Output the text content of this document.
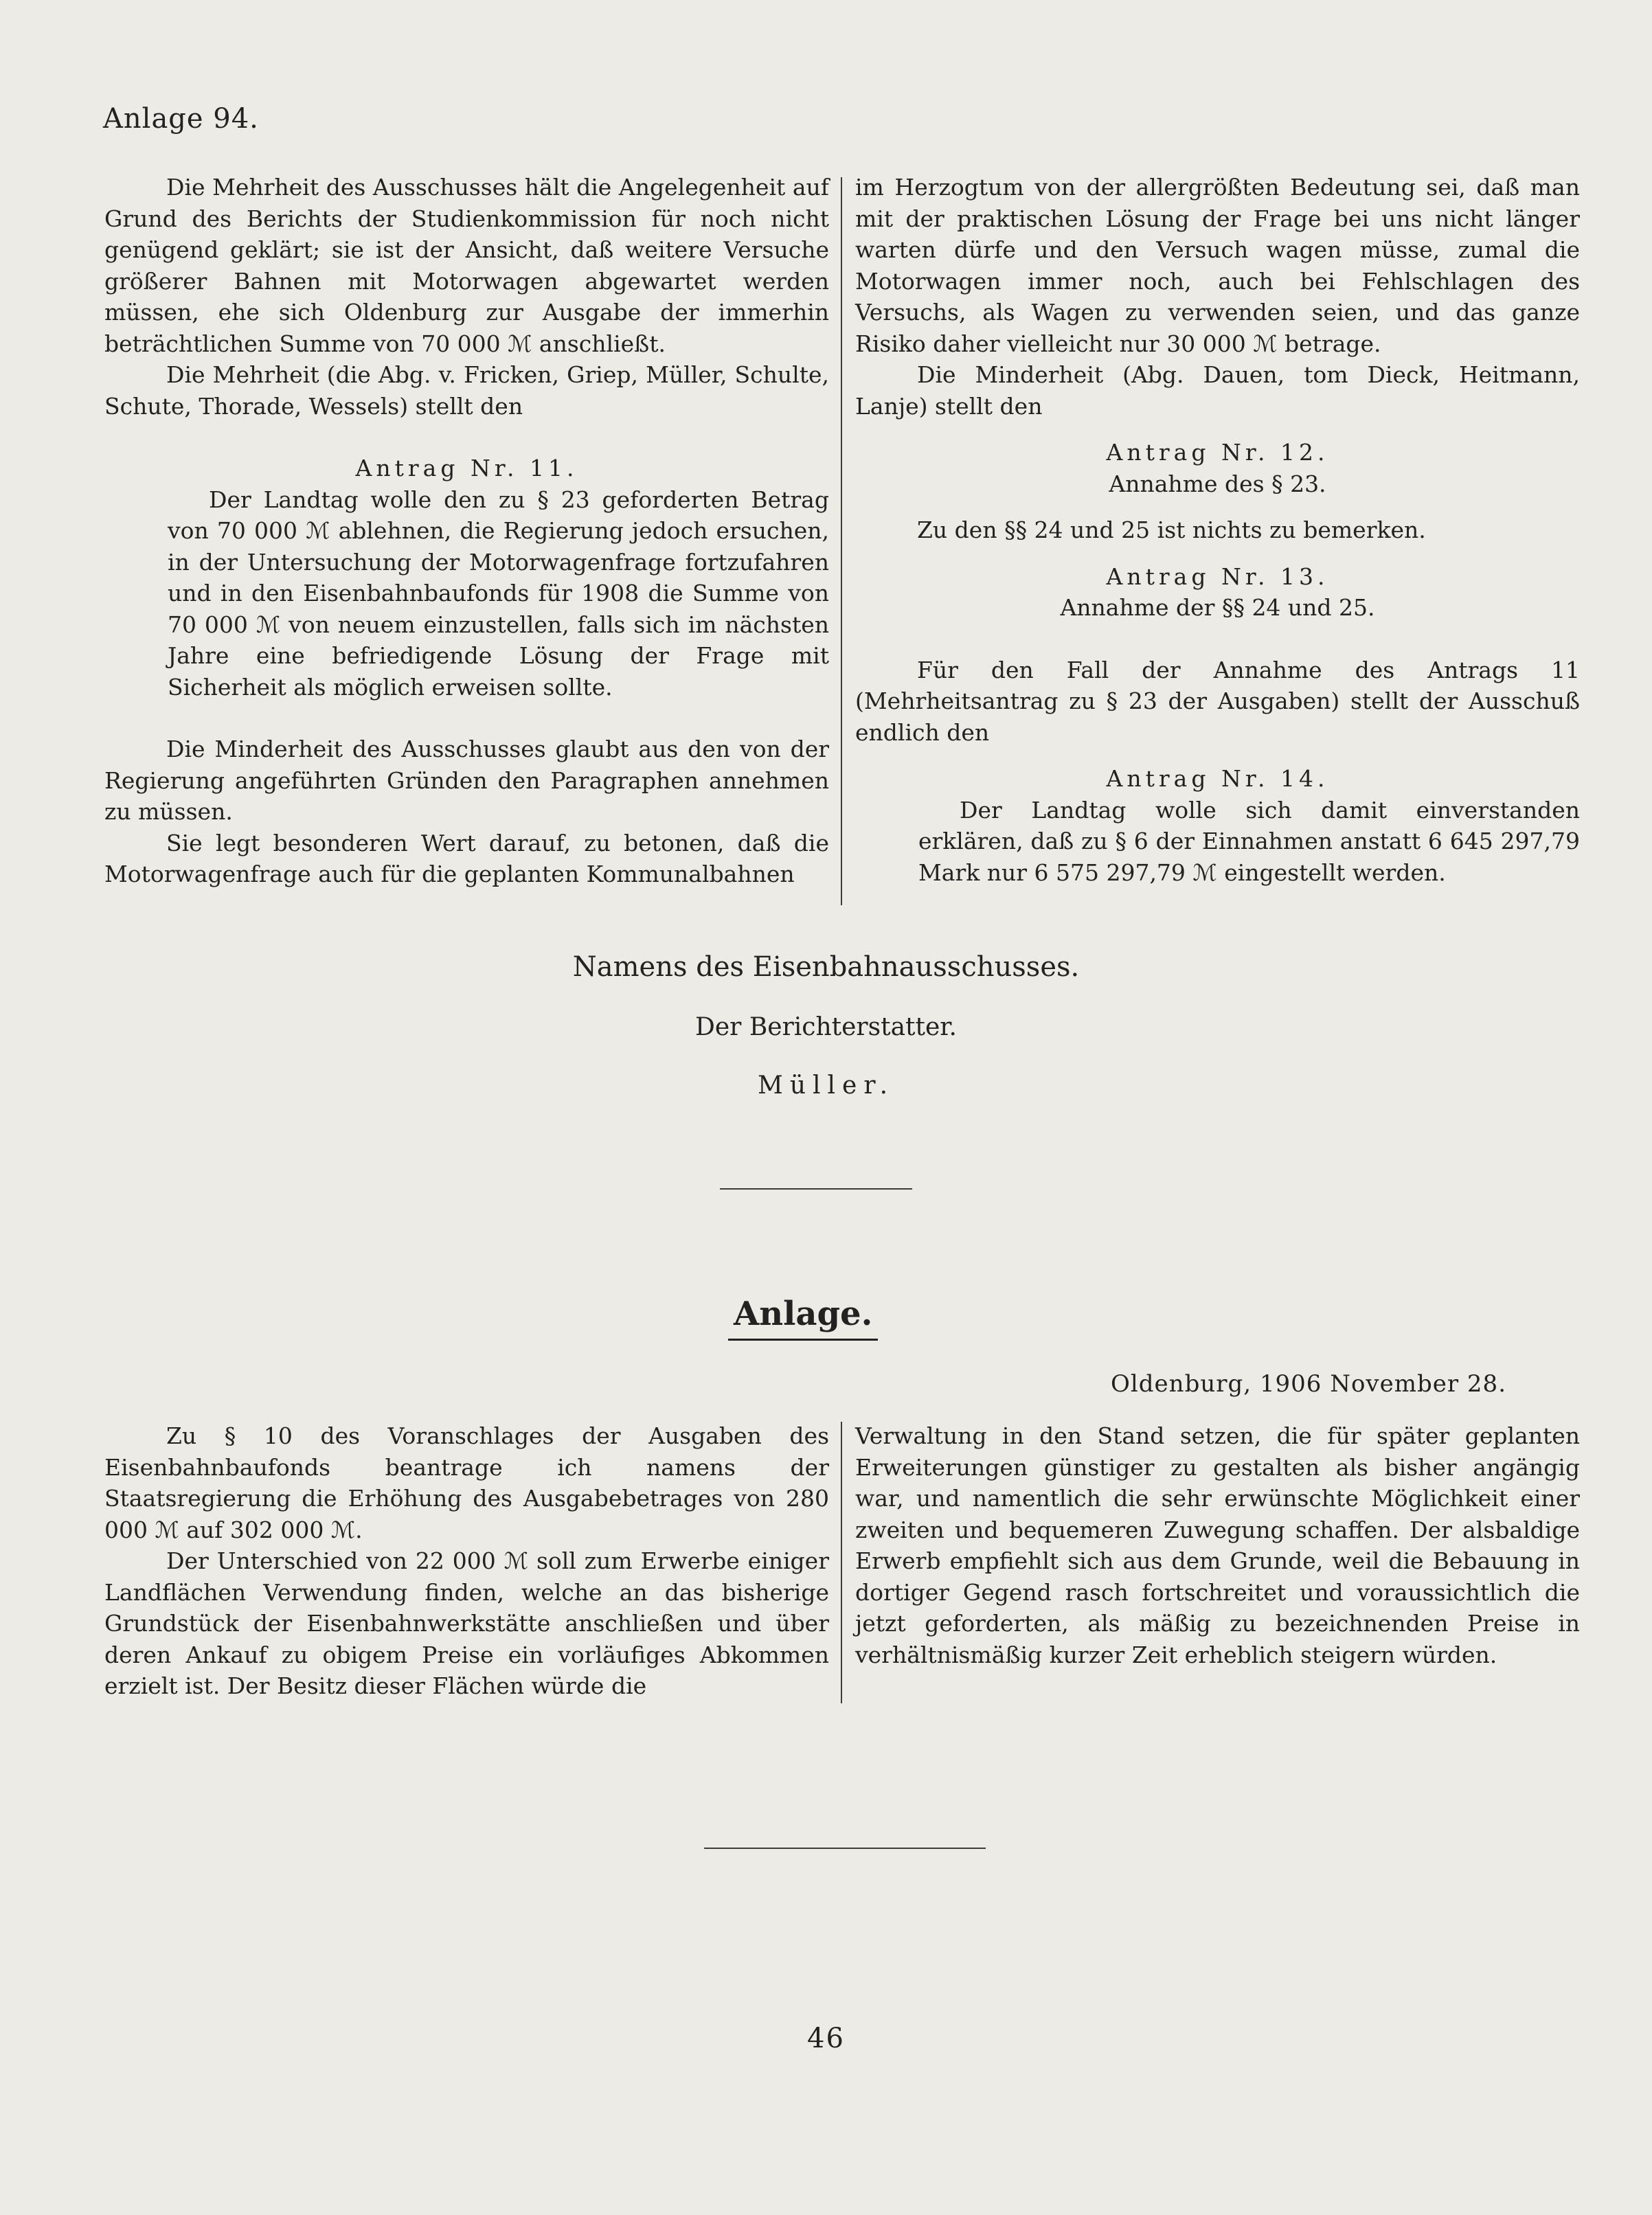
Anlage 94.

Die Mehrheit des Ausschusses hält die Angelegenheit auf Grund des Berichts der Studienkommission für noch nicht genügend geklärt; sie ist der Ansicht, daß weitere Versuche größerer Bahnen mit Motorwagen abgewartet werden müssen, ehe sich Oldenburg zur Ausgabe der immerhin beträchtlichen Summe von 70 000 ℳ anschließt.

Die Mehrheit (die Abg. v. Fricken, Griep, Müller, Schulte, Schute, Thorade, Wessels) stellt den

Antrag Nr. 11.

Der Landtag wolle den zu § 23 geforderten Betrag von 70 000 ℳ ablehnen, die Regierung jedoch ersuchen, in der Untersuchung der Motorwagenfrage fortzufahren und in den Eisenbahnbaufonds für 1908 die Summe von 70 000 ℳ von neuem einzustellen, falls sich im nächsten Jahre eine befriedigende Lösung der Frage mit Sicherheit als möglich erweisen sollte.

Die Minderheit des Ausschusses glaubt aus den von der Regierung angeführten Gründen den Paragraphen annehmen zu müssen.

Sie legt besonderen Wert darauf, zu betonen, daß die Motorwagenfrage auch für die geplanten Kommunalbahnen

im Herzogtum von der allergrößten Bedeutung sei, daß man mit der praktischen Lösung der Frage bei uns nicht länger warten dürfe und den Versuch wagen müsse, zumal die Motorwagen immer noch, auch bei Fehlschlagen des Versuchs, als Wagen zu verwenden seien, und das ganze Risiko daher vielleicht nur 30 000 ℳ betrage.

Die Minderheit (Abg. Dauen, tom Dieck, Heitmann, Lanje) stellt den

Antrag Nr. 12.

Annahme des § 23.

Zu den §§ 24 und 25 ist nichts zu bemerken.

Antrag Nr. 13.

Annahme der §§ 24 und 25.

Für den Fall der Annahme des Antrags 11 (Mehrheitsantrag zu § 23 der Ausgaben) stellt der Ausschuß endlich den

Antrag Nr. 14.

Der Landtag wolle sich damit einverstanden erklären, daß zu § 6 der Einnahmen anstatt 6 645 297,79 Mark nur 6 575 297,79 ℳ eingestellt werden.

Namens des Eisenbahnausschusses.
Der Berichterstatter.
Müller.
Anlage.
Oldenburg, 1906 November 28.

Zu § 10 des Voranschlages der Ausgaben des Eisenbahnbaufonds beantrage ich namens der Staatsregierung die Erhöhung des Ausgabebetrages von 280 000 ℳ auf 302 000 ℳ.

Der Unterschied von 22 000 ℳ soll zum Erwerbe einiger Landflächen Verwendung finden, welche an das bisherige Grundstück der Eisenbahnwerkstätte anschließen und über deren Ankauf zu obigem Preise ein vorläufiges Abkommen erzielt ist. Der Besitz dieser Flächen würde die

Verwaltung in den Stand setzen, die für später geplanten Erweiterungen günstiger zu gestalten als bisher angängig war, und namentlich die sehr erwünschte Möglichkeit einer zweiten und bequemeren Zuwegung schaffen. Der alsbaldige Erwerb empfiehlt sich aus dem Grunde, weil die Bebauung in dortiger Gegend rasch fortschreitet und voraussichtlich die jetzt geforderten, als mäßig zu bezeichnenden Preise in verhältnismäßig kurzer Zeit erheblich steigern würden.

46
